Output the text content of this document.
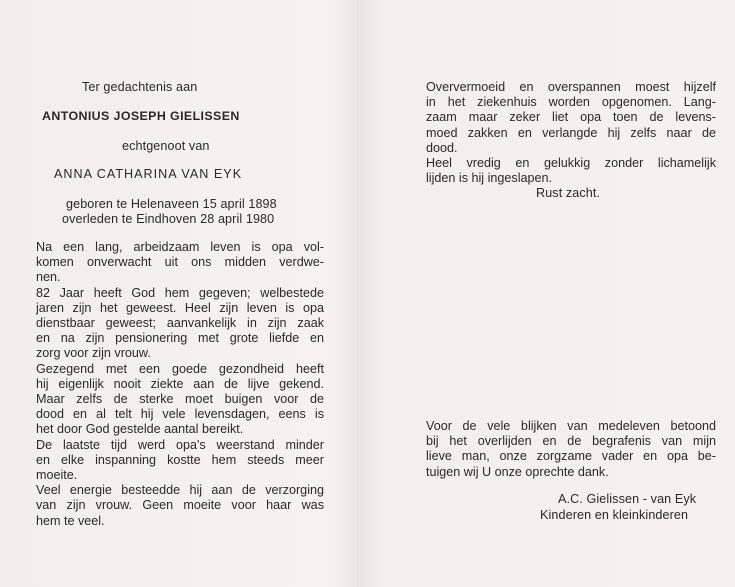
Ter gedachtenis aan
ANTONIUS JOSEPH GIELISSEN
echtgenoot van
ANNA CATHARINA VAN EYK
geboren te Helenaveen 15 april 1898
overleden te Eindhoven 28 april 1980
Na een lang, arbeidzaam leven is opa vol-
komen onverwacht uit ons midden verdwe-
nen.
82 Jaar heeft God hem gegeven; welbestede
jaren zijn het geweest. Heel zijn leven is opa
dienstbaar geweest; aanvankelijk in zijn zaak
en na zijn pensionering met grote liefde en
zorg voor zijn vrouw.
Gezegend met een goede gezondheid heeft
hij eigenlijk nooit ziekte aan de lijve gekend.
Maar zelfs de sterke moet buigen voor de
dood en al telt hij vele levensdagen, eens is
het door God gestelde aantal bereikt.
De laatste tijd werd opa's weerstand minder
en elke inspanning kostte hem steeds meer
moeite.
Veel energie besteedde hij aan de verzorging
van zijn vrouw. Geen moeite voor haar was
hem te veel.
Oververmoeid en overspannen moest hijzelf
in het ziekenhuis worden opgenomen. Lang-
zaam maar zeker liet opa toen de levens-
moed zakken en verlangde hij zelfs naar de
dood.
Heel vredig en gelukkig zonder lichamelijk
lijden is hij ingeslapen.
Rust zacht.
Voor de vele blijken van medeleven betoond
bij het overlijden en de begrafenis van mijn
lieve man, onze zorgzame vader en opa be-
tuigen wij U onze oprechte dank.
A.C. Gielissen - van Eyk
Kinderen en kleinkinderen
